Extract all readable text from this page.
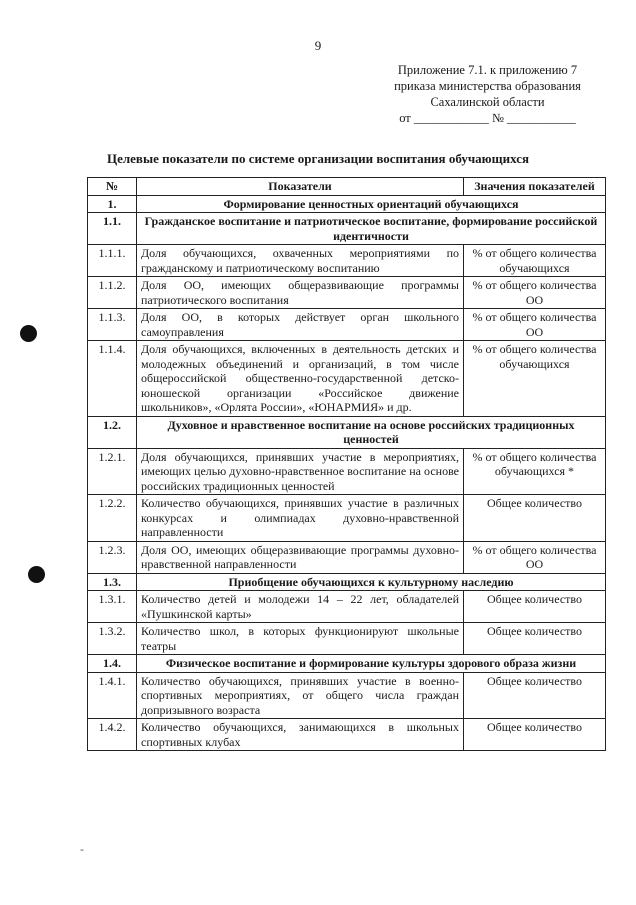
9
Приложение 7.1. к приложению 7
приказа министерства образования
Сахалинской области
от ____________ № ___________
Целевые показатели по системе организации воспитания обучающихся
№	Показатели	Значения показателей
1.	Формирование ценностных ориентаций обучающихся	
1.1.	Гражданское воспитание и патриотическое воспитание, формирование российской идентичности	
1.1.1.	Доля обучающихся, охваченных мероприятиями по гражданскому и патриотическому воспитанию	% от общего количества обучающихся
1.1.2.	Доля ОО, имеющих общеразвивающие программы патриотического воспитания	% от общего количества ОО
1.1.3.	Доля ОО, в которых действует орган школьного самоуправления	% от общего количества ОО
1.1.4.	Доля обучающихся, включенных в деятельность детских и молодежных объединений и организаций, в том числе общероссийской общественно-государственной детско- юношеской организации «Российское движение школьников», «Орлята России», «ЮНАРМИЯ» и др.	% от общего количества обучающихся
1.2.	Духовное и нравственное воспитание на основе российских традиционных ценностей	
1.2.1.	Доля обучающихся, принявших участие в мероприятиях, имеющих целью духовно-нравственное воспитание на основе российских традиционных ценностей	% от общего количества обучающихся *
1.2.2.	Количество обучающихся, принявших участие в различных конкурсах и олимпиадах духовно-нравственной направленности	Общее количество
1.2.3.	Доля ОО, имеющих общеразвивающие программы духовно-нравственной направленности	% от общего количества ОО
1.3.	Приобщение обучающихся к культурному наследию	
1.3.1.	Количество детей и молодежи 14 – 22 лет, обладателей «Пушкинской карты»	Общее количество
1.3.2.	Количество школ, в которых функционируют школьные театры	Общее количество
1.4.	Физическое воспитание и формирование культуры здорового образа жизни	
1.4.1.	Количество обучающихся, принявших участие в военно-спортивных мероприятиях, от общего числа граждан допризывного возраста	Общее количество
1.4.2.	Количество обучающихся, занимающихся в школьных спортивных клубах	Общее количество
-
